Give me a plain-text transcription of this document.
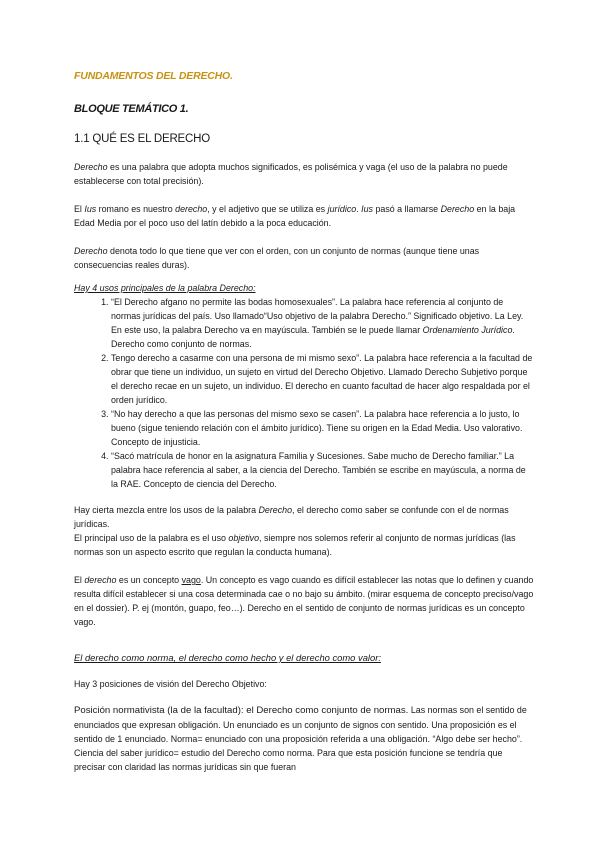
FUNDAMENTOS DEL DERECHO.

BLOQUE TEMÁTICO 1.

1.1 QUÉ ES EL DERECHO

Derecho es una palabra que adopta muchos significados, es polisémica y vaga (el uso de la palabra no puede establecerse con total precisión).

El Ius romano es nuestro derecho, y el adjetivo que se utiliza es jurídico. Ius pasó a llamarse Derecho en la baja Edad Media por el poco uso del latín debido a la poca educación.

Derecho denota todo lo que tiene que ver con el orden, con un conjunto de normas (aunque tiene unas consecuencias reales duras).

Hay 4 usos principales de la palabra Derecho:

1. “El Derecho afgano no permite las bodas homosexuales”. La palabra hace referencia al conjunto de normas jurídicas del país. Uso llamado“Uso objetivo de la palabra Derecho.” Significado objetivo. La Ley. En este uso, la palabra Derecho va en mayúscula. También se le puede llamar Ordenamiento Jurídico. Derecho como conjunto de normas.
2. Tengo derecho a casarme con una persona de mi mismo sexo”. La palabra hace referencia a la facultad de obrar que tiene un individuo, un sujeto en virtud del Derecho Objetivo. Llamado Derecho Subjetivo porque el derecho recae en un sujeto, un individuo. El derecho en cuanto facultad de hacer algo respaldada por el orden jurídico.
3. “No hay derecho a que las personas del mismo sexo se casen”. La palabra hace referencia a lo justo, lo bueno (sigue teniendo relación con el ámbito jurídico). Tiene su origen en la Edad Media. Uso valorativo. Concepto de injusticia.
4. “Sacó matrícula de honor en la asignatura Familia y Sucesiones. Sabe mucho de Derecho familiar.” La palabra hace referencia al saber, a la ciencia del Derecho. También se escribe en mayúscula, a norma de la RAE. Concepto de ciencia del Derecho.

Hay cierta mezcla entre los usos de la palabra Derecho, el derecho como saber se confunde con el de normas jurídicas.

El principal uso de la palabra es el uso objetivo, siempre nos solemos referir al conjunto de normas jurídicas (las normas son un aspecto escrito que regulan la conducta humana).

El derecho es un concepto vago. Un concepto es vago cuando es difícil establecer las notas que lo definen y cuando resulta difícil establecer si una cosa determinada cae o no bajo su ámbito. (mirar esquema de concepto preciso/vago en el dossier). P. ej (montón, guapo, feo…). Derecho en el sentido de conjunto de normas jurídicas es un concepto vago.

El derecho como norma, el derecho como hecho y el derecho como valor:

Hay 3 posiciones de visión del Derecho Objetivo:

Posición normativista (la de la facultad): el Derecho como conjunto de normas. Las normas son el sentido de enunciados que expresan obligación. Un enunciado es un conjunto de signos con sentido. Una proposición es el sentido de 1 enunciado. Norma= enunciado con una proposición referida a una obligación. “Algo debe ser hecho”. Ciencia del saber jurídico= estudio del Derecho como norma. Para que esta posición funcione se tendría que precisar con claridad las normas jurídicas sin que fueran
